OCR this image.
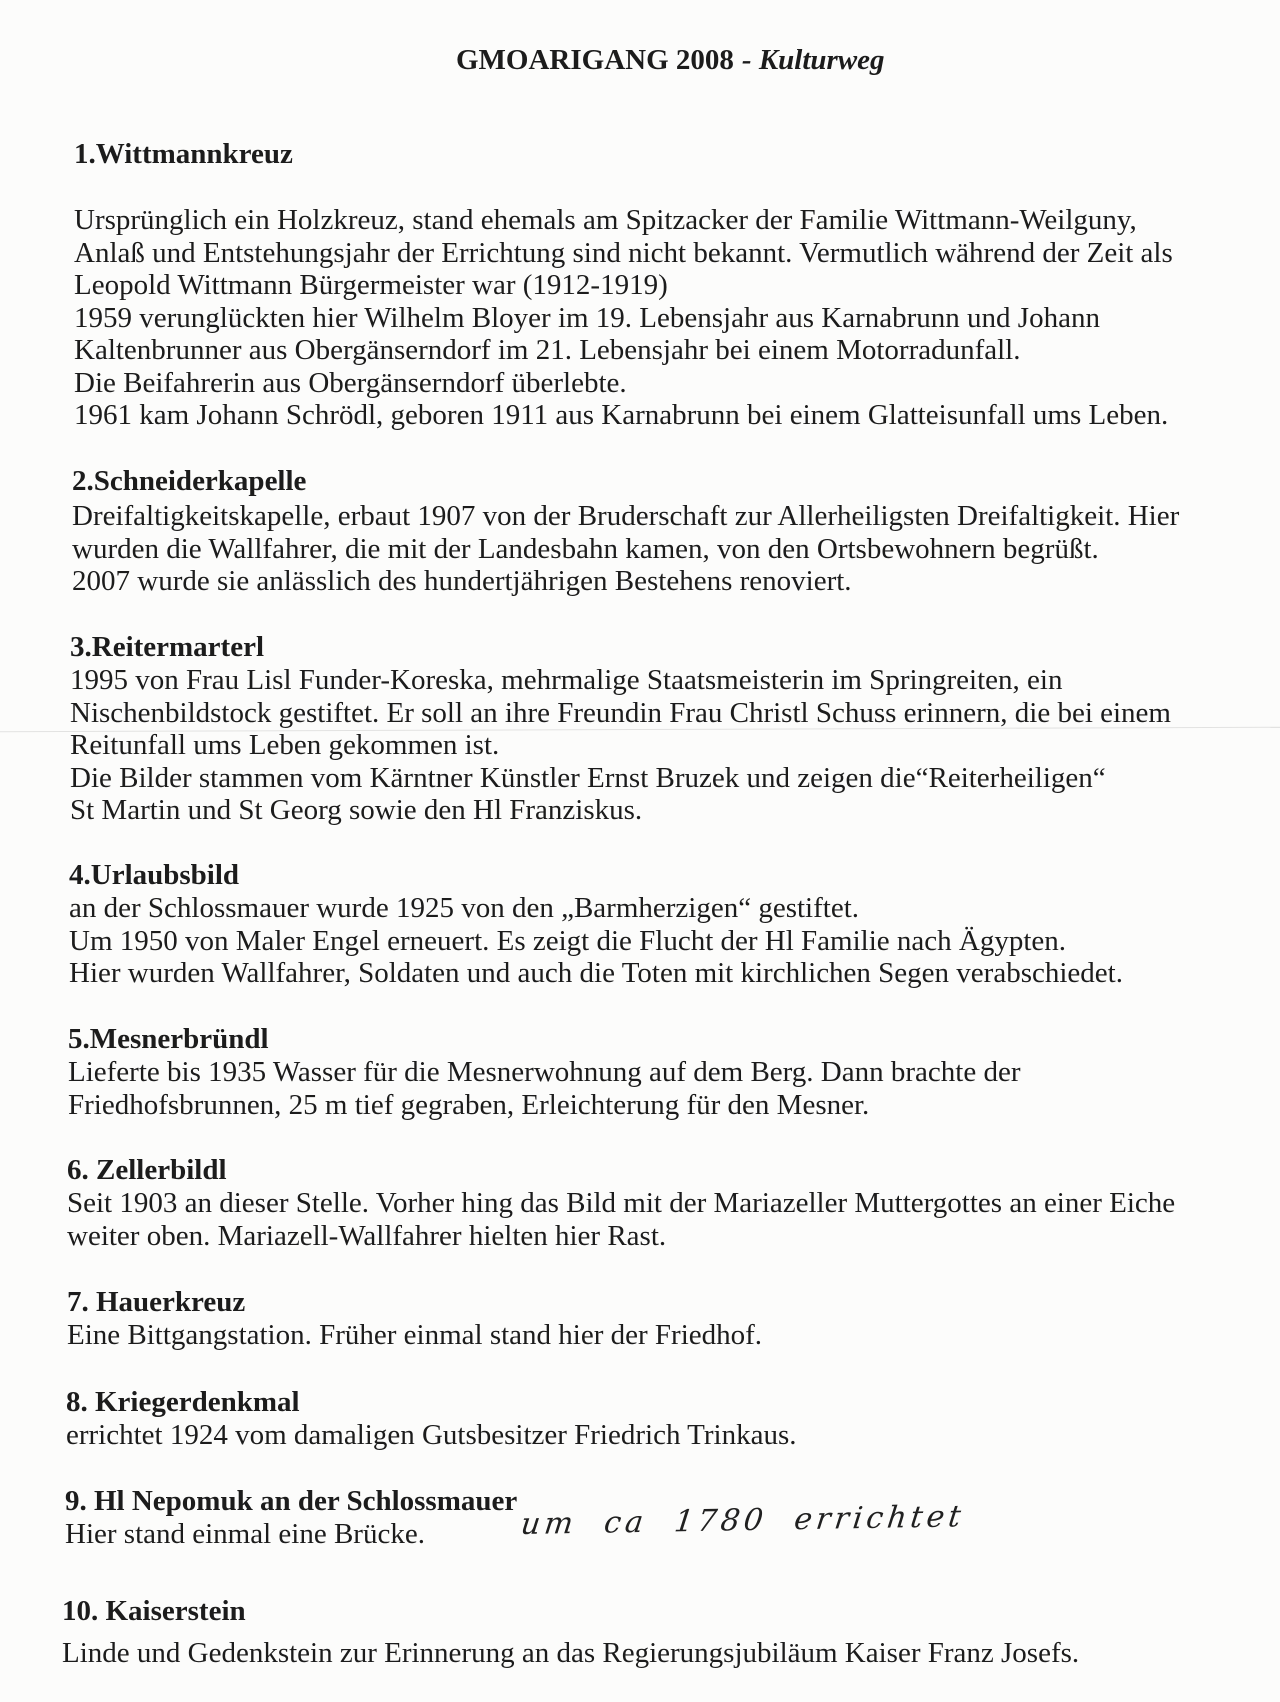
GMOARIGANG 2008 - Kulturweg
1.Wittmannkreuz
Ursprünglich ein Holzkreuz, stand ehemals am Spitzacker der Familie Wittmann-Weilguny,
Anlaß und Entstehungsjahr der Errichtung sind nicht bekannt. Vermutlich während der Zeit als
Leopold Wittmann Bürgermeister war (1912-1919)
1959 verunglückten hier Wilhelm Bloyer im 19. Lebensjahr aus Karnabrunn und Johann
Kaltenbrunner aus Obergänserndorf im 21. Lebensjahr bei einem Motorradunfall.
Die Beifahrerin aus Obergänserndorf überlebte.
1961 kam Johann Schrödl, geboren 1911 aus Karnabrunn bei einem Glatteisunfall ums Leben.
2.Schneiderkapelle
Dreifaltigkeitskapelle, erbaut 1907 von der Bruderschaft zur Allerheiligsten Dreifaltigkeit. Hier
wurden die Wallfahrer, die mit der Landesbahn kamen, von den Ortsbewohnern begrüßt.
2007 wurde sie anlässlich des hundertjährigen Bestehens renoviert.
3.Reitermarterl
1995 von Frau Lisl Funder-Koreska, mehrmalige Staatsmeisterin im Springreiten, ein
Nischenbildstock gestiftet. Er soll an ihre Freundin Frau Christl Schuss erinnern, die bei einem
Reitunfall ums Leben gekommen ist.
Die Bilder stammen vom Kärntner Künstler Ernst Bruzek und zeigen die“Reiterheiligen“
St Martin und St Georg sowie den Hl Franziskus.
4.Urlaubsbild
an der Schlossmauer wurde 1925 von den „Barmherzigen“ gestiftet.
Um 1950 von Maler Engel erneuert. Es zeigt die Flucht der Hl Familie nach Ägypten.
Hier wurden Wallfahrer, Soldaten und auch die Toten mit kirchlichen Segen verabschiedet.
5.Mesnerbründl
Lieferte bis 1935 Wasser für die Mesnerwohnung auf dem Berg. Dann brachte der
Friedhofsbrunnen, 25 m tief gegraben, Erleichterung für den Mesner.
6. Zellerbildl
Seit 1903 an dieser Stelle. Vorher hing das Bild mit der Mariazeller Muttergottes an einer Eiche
weiter oben. Mariazell-Wallfahrer hielten hier Rast.
7. Hauerkreuz
Eine Bittgangstation. Früher einmal stand hier der Friedhof.
8. Kriegerdenkmal
errichtet 1924 vom damaligen Gutsbesitzer Friedrich Trinkaus.
9. Hl Nepomuk an der Schlossmauer
Hier stand einmal eine Brücke.	um ca 1780 errichtet
10. Kaiserstein
Linde und Gedenkstein zur Erinnerung an das Regierungsjubiläum Kaiser Franz Josefs.
